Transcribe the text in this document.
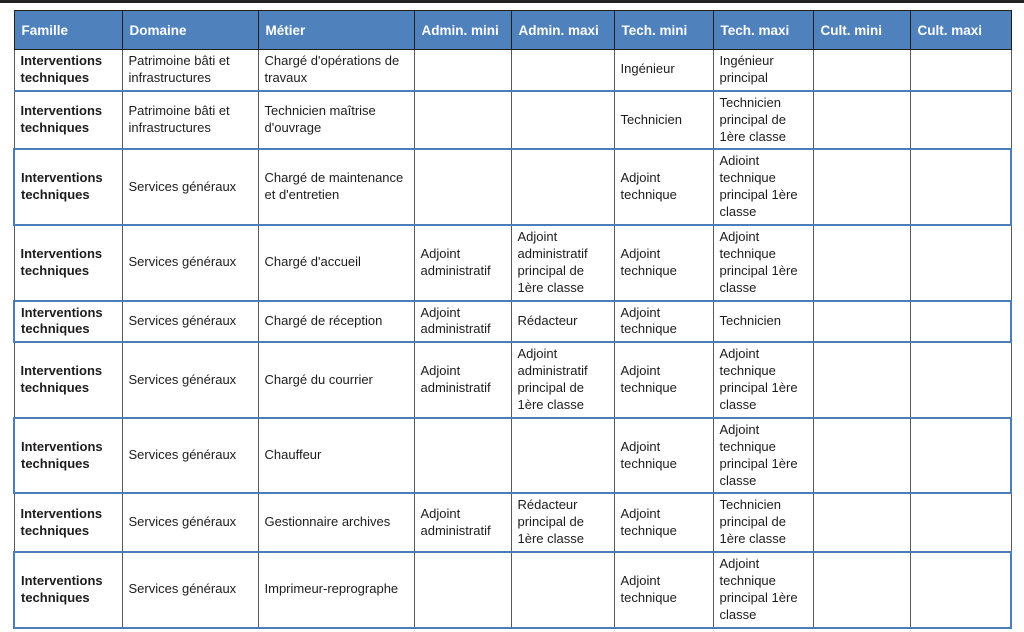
Famille	Domaine	Métier	Admin. mini	Admin. maxi	Tech. mini	Tech. maxi	Cult. mini	Cult. maxi
Interventions techniques	Patrimoine bâti et infrastructures	Chargé d'opérations de travaux			Ingénieur	Ingénieur principal		
Interventions techniques	Patrimoine bâti et infrastructures	Technicien maîtrise d'ouvrage			Technicien	Technicien principal de 1ère classe		
Interventions techniques	Services généraux	Chargé de maintenance et d'entretien			Adjoint technique	Adioint technique principal 1ère classe		
Interventions techniques	Services généraux	Chargé d'accueil	Adjoint administratif	Adjoint administratif principal de 1ère classe	Adjoint technique	Adjoint technique principal 1ère classe		
Interventions techniques	Services généraux	Chargé de réception	Adjoint administratif	Rédacteur	Adjoint technique	Technicien		
Interventions techniques	Services généraux	Chargé du courrier	Adjoint administratif	Adjoint administratif principal de 1ère classe	Adjoint technique	Adjoint technique principal 1ère classe		
Interventions techniques	Services généraux	Chauffeur			Adjoint technique	Adjoint technique principal 1ère classe		
Interventions techniques	Services généraux	Gestionnaire archives	Adjoint administratif	Rédacteur principal de 1ère classe	Adjoint technique	Technicien principal de 1ère classe		
Interventions techniques	Services généraux	Imprimeur-reprographe			Adjoint technique	Adjoint technique principal 1ère classe		
